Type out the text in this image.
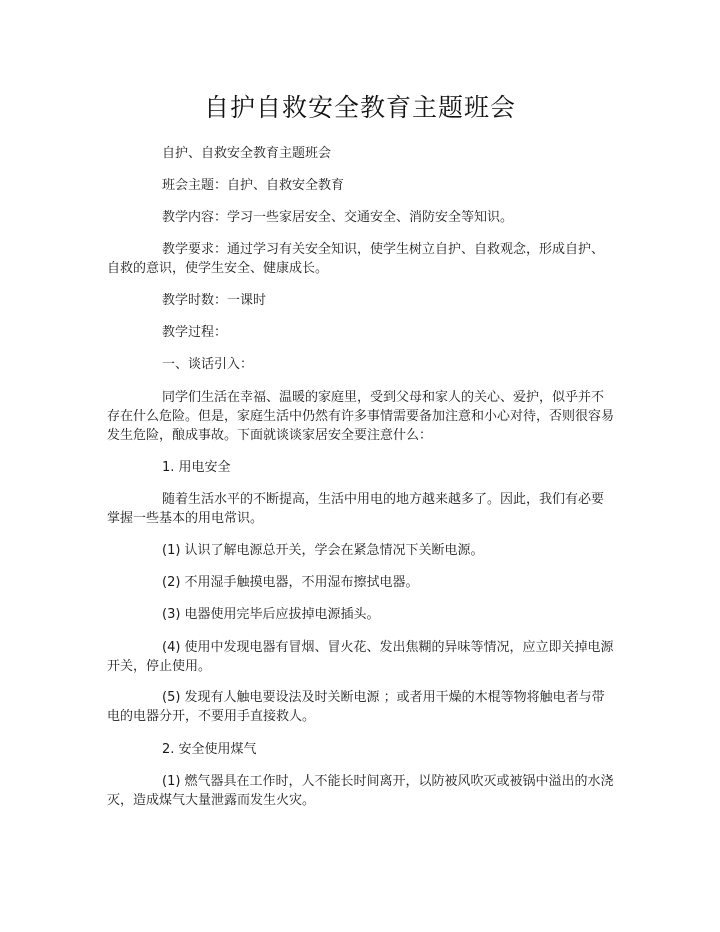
自护自救安全教育主题班会

自护、自救安全教育主题班会

班会主题：自护、自救安全教育

教学内容：学习一些家居安全、交通安全、消防安全等知识。

教学要求：通过学习有关安全知识，使学生树立自护、自救观念，形成自护、自救的意识，使学生安全、健康成长。

教学时数：一课时

教学过程：

一、谈话引入：

同学们生活在幸福、温暖的家庭里，受到父母和家人的关心、爱护，似乎并不存在什么危险。但是，家庭生活中仍然有许多事情需要备加注意和小心对待，否则很容易发生危险，酿成事故。下面就谈谈家居安全要注意什么：

1. 用电安全

随着生活水平的不断提高，生活中用电的地方越来越多了。因此，我们有必要掌握一些基本的用电常识。

(1) 认识了解电源总开关，学会在紧急情况下关断电源。

(2) 不用湿手触摸电器，不用湿布擦拭电器。

(3) 电器使用完毕后应拔掉电源插头。

(4) 使用中发现电器有冒烟、冒火花、发出焦糊的异味等情况，应立即关掉电源开关，停止使用。

(5) 发现有人触电要设法及时关断电源 ；或者用干燥的木棍等物将触电者与带电的电器分开，不要用手直接救人。

2. 安全使用煤气

(1) 燃气器具在工作时，人不能长时间离开，以防被风吹灭或被锅中溢出的水浇灭，造成煤气大量泄露而发生火灾。
